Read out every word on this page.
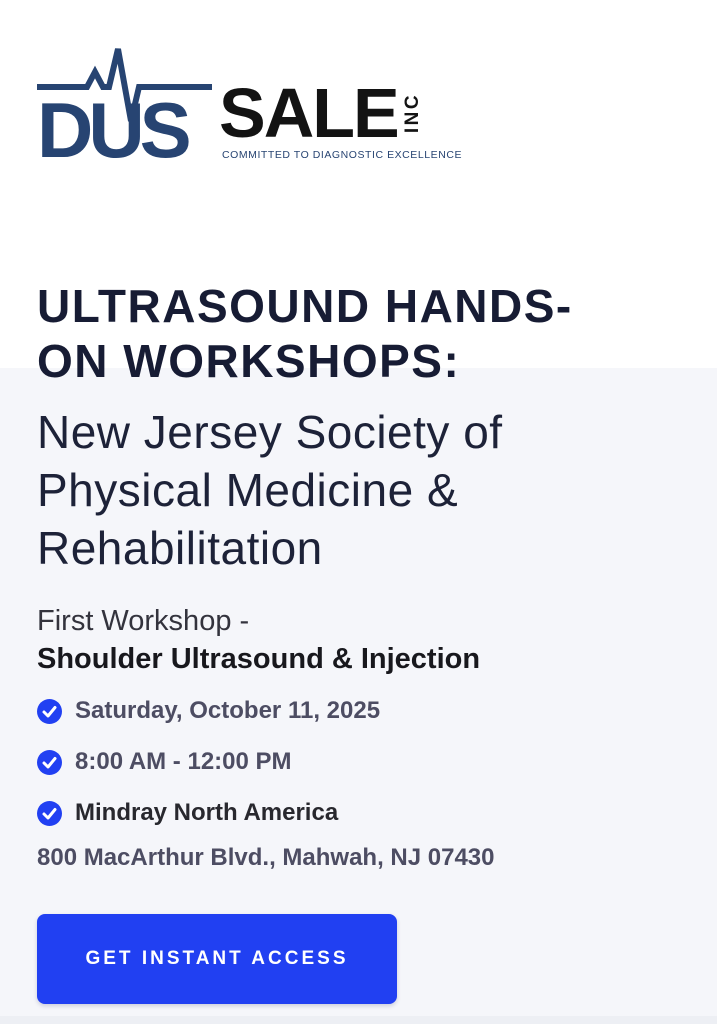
DUS SALE INC
COMMITTED TO DIAGNOSTIC EXCELLENCE
ULTRASOUND HANDS-
ON WORKSHOPS:
New Jersey Society of
Physical Medicine &
Rehabilitation
First Workshop -
Shoulder Ultrasound & Injection
Saturday, October 11, 2025
8:00 AM - 12:00 PM
Mindray North America
800 MacArthur Blvd., Mahwah, NJ 07430
GET INSTANT ACCESS
